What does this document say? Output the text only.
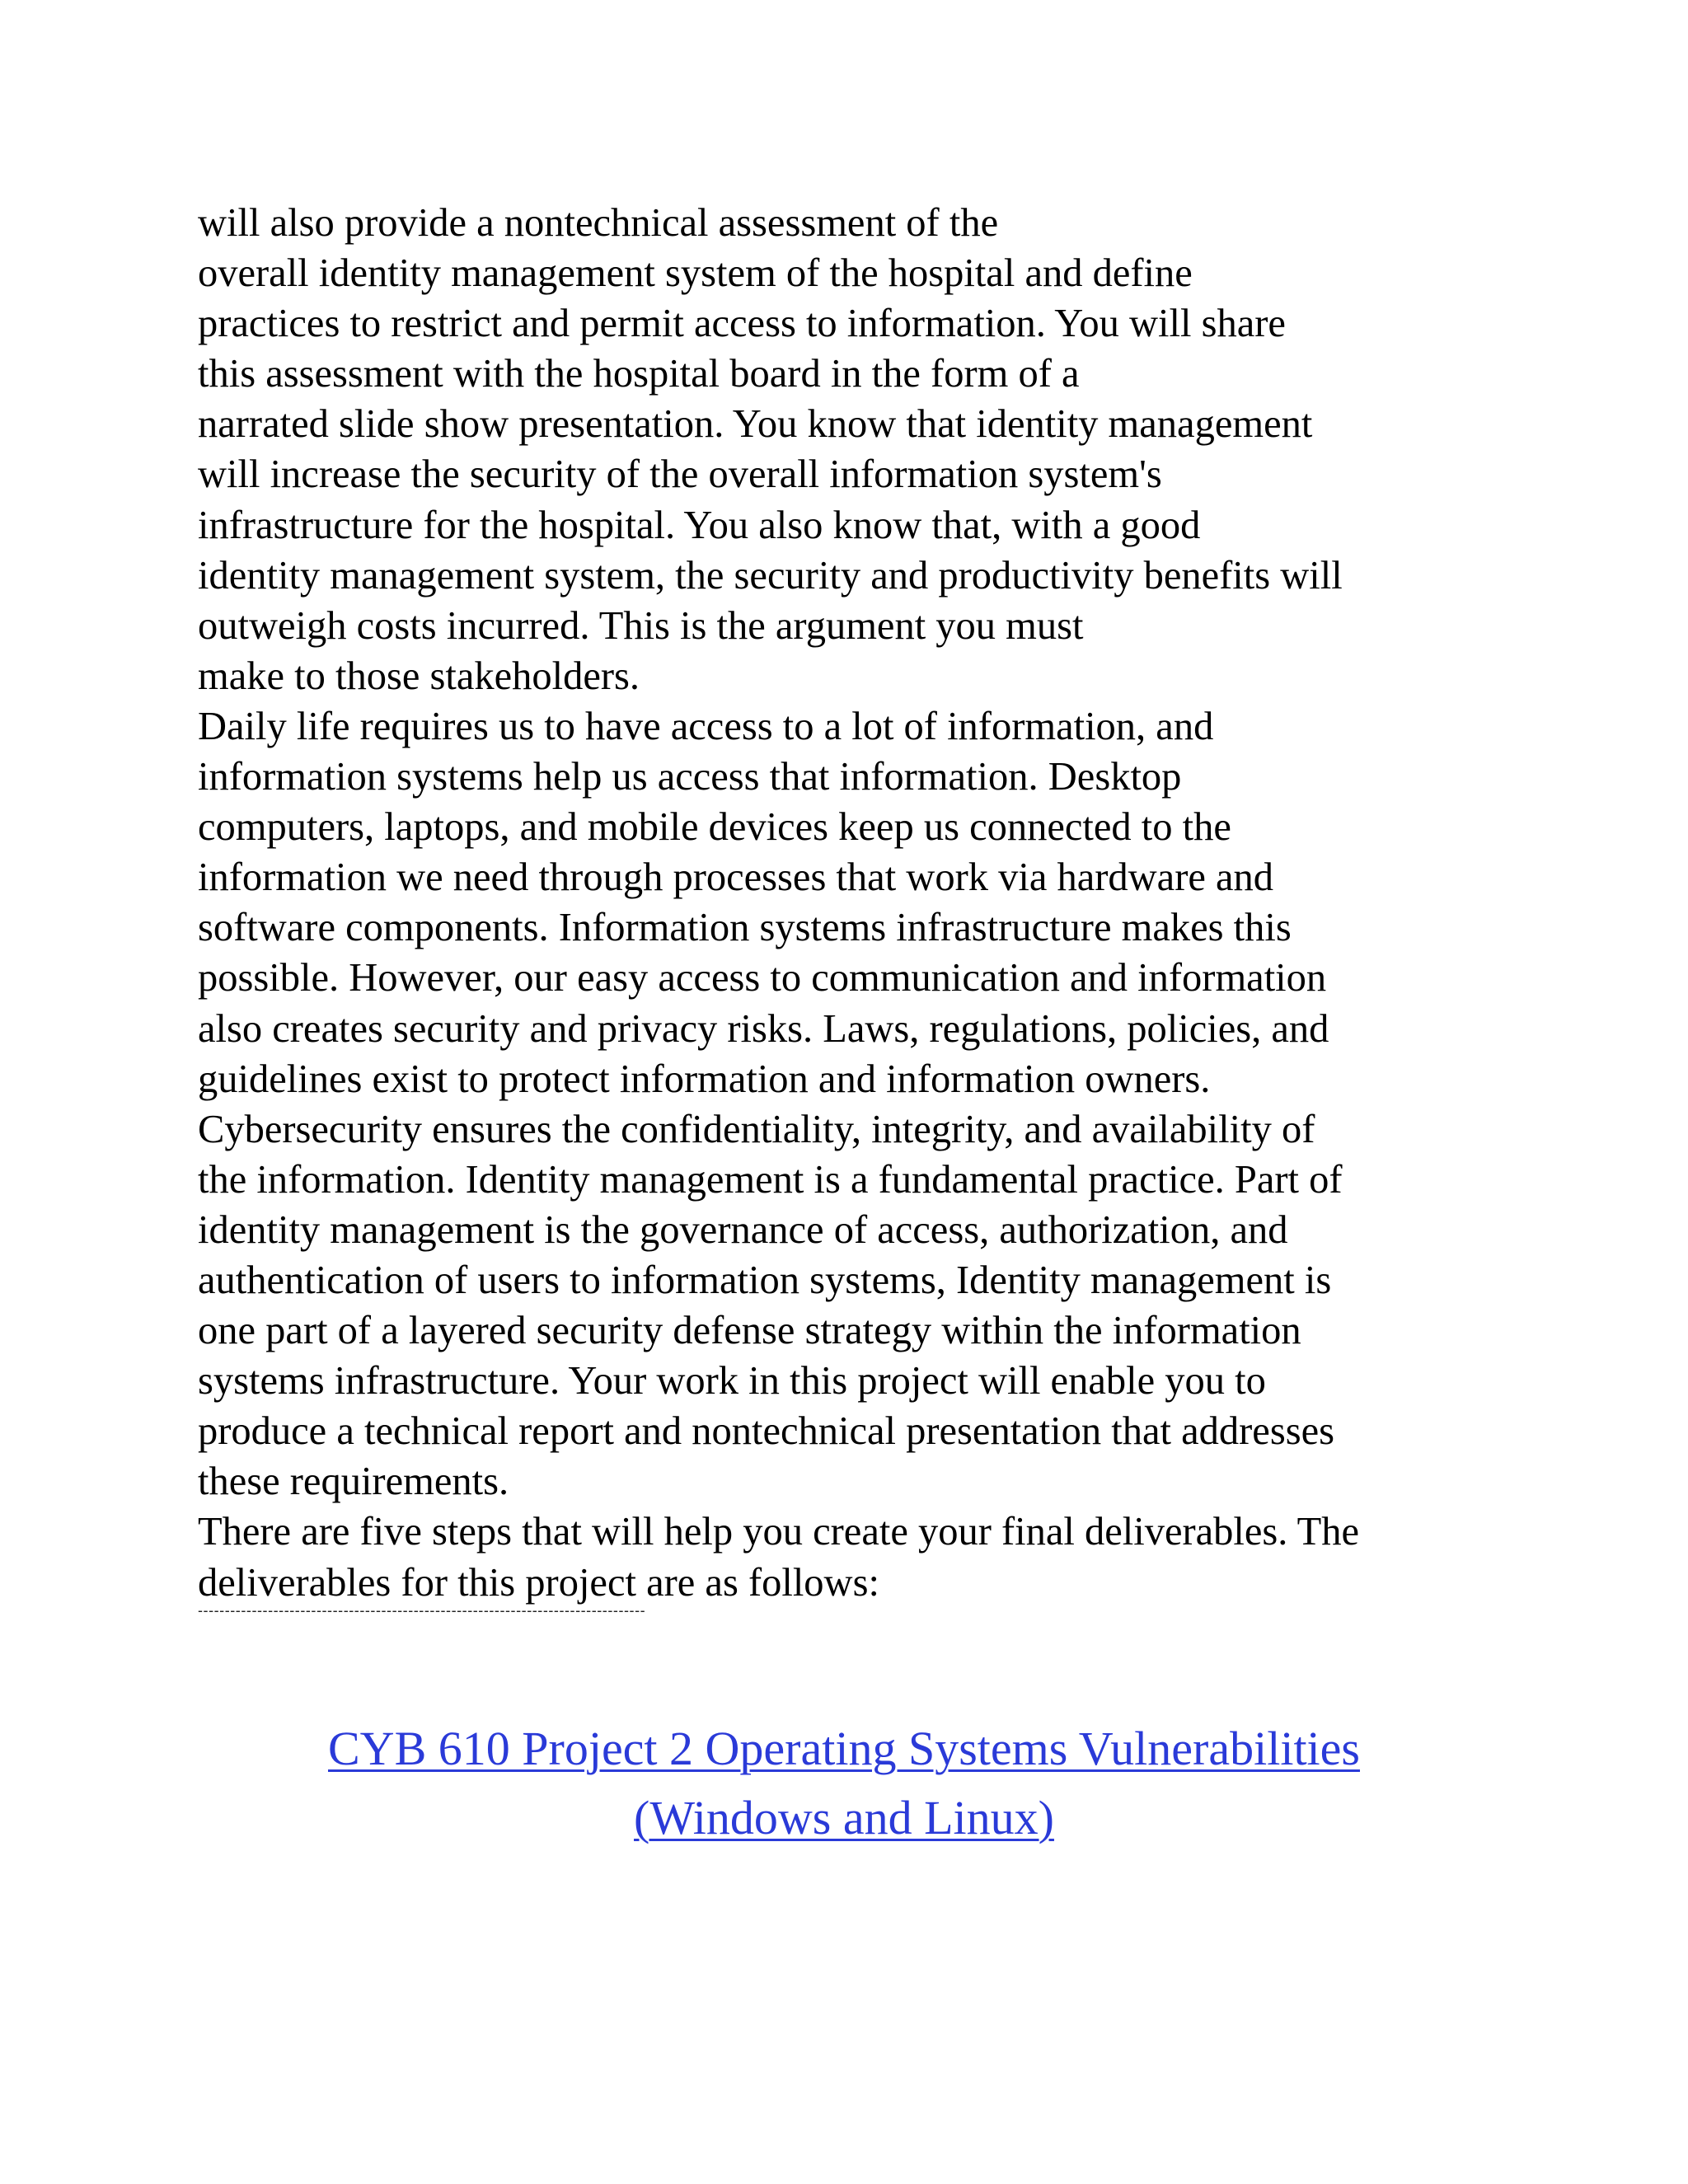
will also provide a nontechnical assessment of the
overall identity management system of the hospital and define
practices to restrict and permit access to information. You will share
this assessment with the hospital board in the form of a
narrated slide show presentation. You know that identity management
will increase the security of the overall information system's
infrastructure for the hospital. You also know that, with a good
identity management system, the security and productivity benefits will
outweigh costs incurred. This is the argument you must
make to those stakeholders.
Daily life requires us to have access to a lot of information, and
information systems help us access that information. Desktop
computers, laptops, and mobile devices keep us connected to the
information we need through processes that work via hardware and
software components. Information systems infrastructure makes this
possible. However, our easy access to communication and information
also creates security and privacy risks. Laws, regulations, policies, and
guidelines exist to protect information and information owners.
Cybersecurity ensures the confidentiality, integrity, and availability of
the information. Identity management is a fundamental practice. Part of
identity management is the governance of access, authorization, and
authentication of users to information systems, Identity management is
one part of a layered security defense strategy within the information
systems infrastructure. Your work in this project will enable you to
produce a technical report and nontechnical presentation that addresses
these requirements.
There are five steps that will help you create your final deliverables. The
deliverables for this project are as follows:
-----------------------------------------------------------------------------------
CYB 610 Project 2 Operating Systems Vulnerabilities
(Windows and Linux)
